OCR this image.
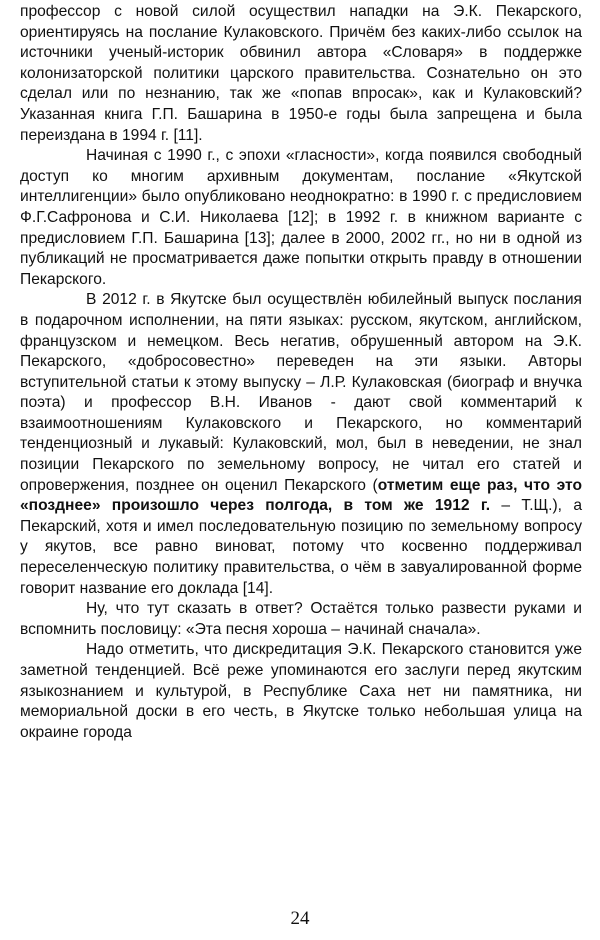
профессор с новой силой осуществил нападки на Э.К. Пекарского, ориентируясь на послание Кулаковского. Причём без каких-либо ссылок на источники ученый-историк обвинил автора «Словаря» в поддержке колонизаторской политики царского правительства. Сознательно он это сделал или по незнанию, так же «попав впросак», как и Кулаковский? Указанная книга Г.П. Башарина в 1950-е годы была запрещена и была переиздана в 1994 г. [11].

Начиная с 1990 г., с эпохи «гласности», когда появился свободный доступ ко многим архивным документам, послание «Якутской интеллигенции» было опубликовано неоднократно: в 1990 г. с предисловием Ф.Г.Сафронова и С.И. Николаева [12]; в 1992 г. в книжном варианте с предисловием Г.П. Башарина [13]; далее в 2000, 2002 гг., но ни в одной из публикаций не просматривается даже попытки открыть правду в отношении Пекарского.

В 2012 г. в Якутске был осуществлён юбилейный выпуск послания в подарочном исполнении, на пяти языках: русском, якутском, английском, французском и немецком. Весь негатив, обрушенный автором на Э.К. Пекарского, «добросовестно» переведен на эти языки. Авторы вступительной статьи к этому выпуску – Л.Р. Кулаковская (биограф и внучка поэта) и профессор В.Н. Иванов - дают свой комментарий к взаимоотношениям Кулаковского и Пекарского, но комментарий тенденциозный и лукавый: Кулаковский, мол, был в неведении, не знал позиции Пекарского по земельному вопросу, не читал его статей и опровержения, позднее он оценил Пекарского (отметим еще раз, что это «позднее» произошло через полгода, в том же 1912 г. – Т.Щ.), а Пекарский, хотя и имел последовательную позицию по земельному вопросу у якутов, все равно виноват, потому что косвенно поддерживал переселенческую политику правительства, о чём в завуалированной форме говорит название его доклада [14].

Ну, что тут сказать в ответ? Остаётся только развести руками и вспомнить пословицу: «Эта песня хороша – начинай сначала».

Надо отметить, что дискредитация Э.К. Пекарского становится уже заметной тенденцией. Всё реже упоминаются его заслуги перед якутским языкознанием и культурой, в Республике Саха нет ни памятника, ни мемориальной доски в его честь, в Якутске только небольшая улица на окраине города

24
